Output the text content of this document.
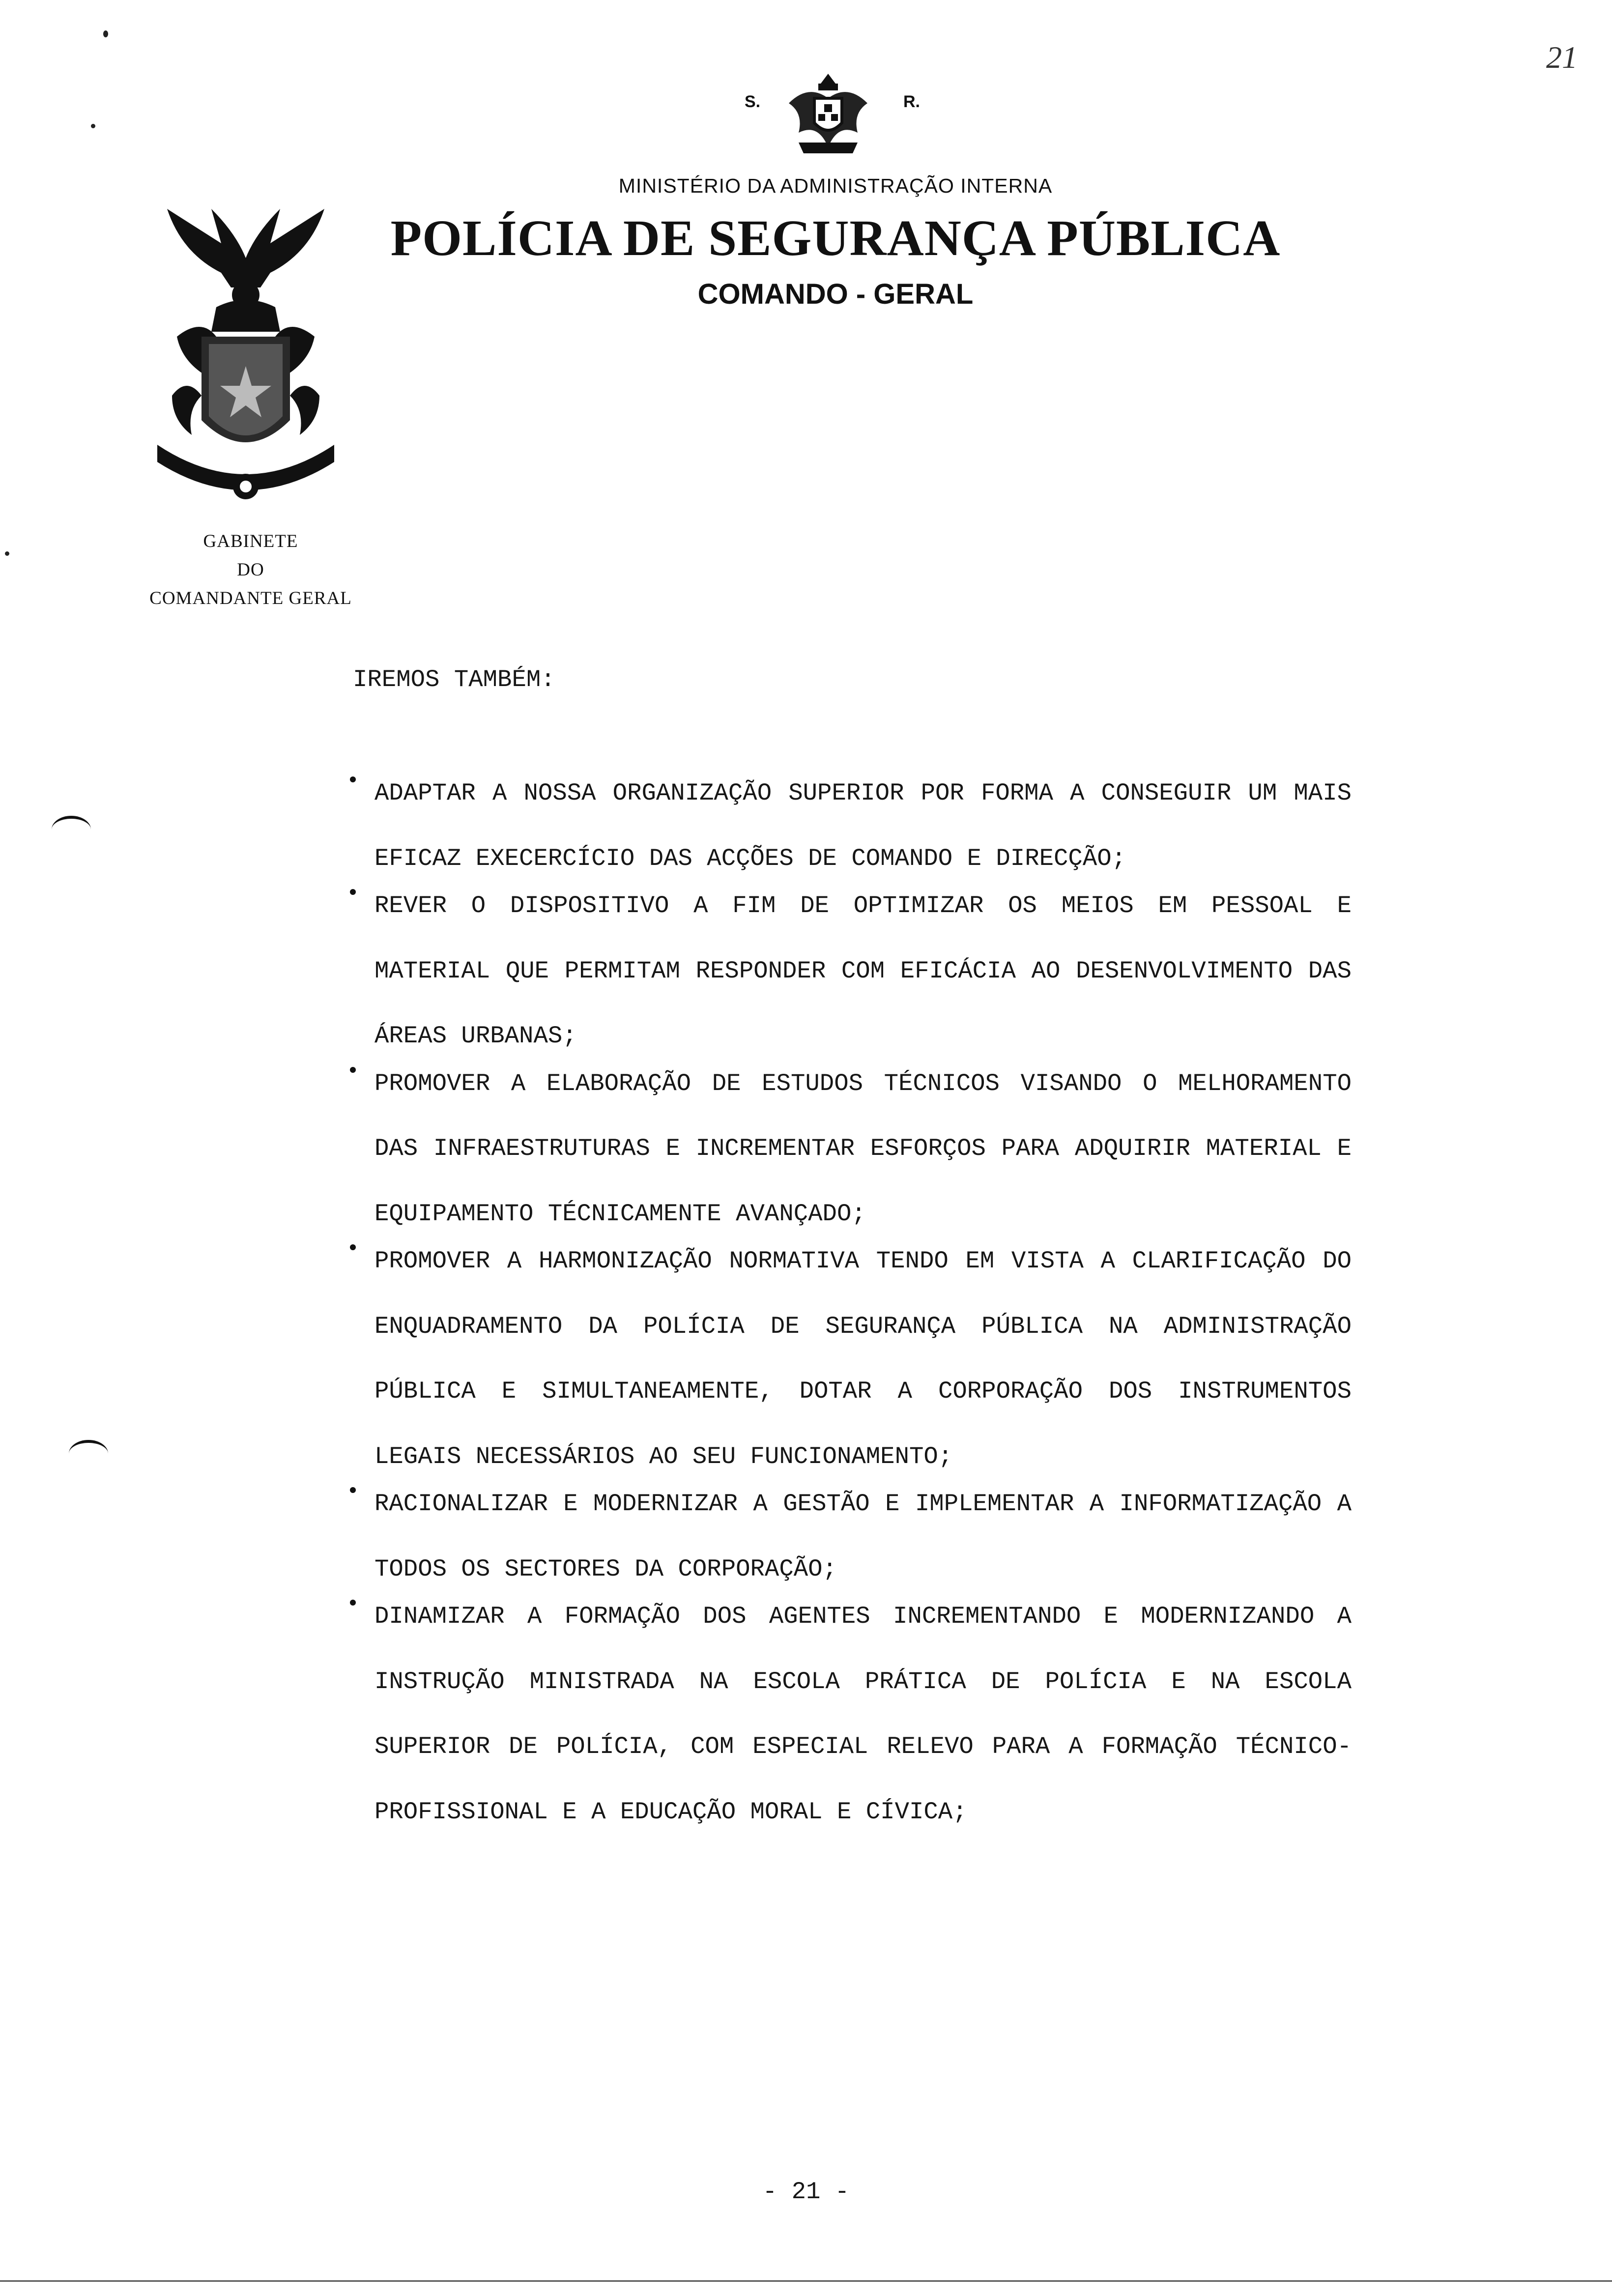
21
S.	R.
MINISTÉRIO DA ADMINISTRAÇÃO INTERNA
POLÍCIA DE SEGURANÇA PÚBLICA
COMANDO - GERAL
GABINETE
DO
COMANDANTE GERAL
IREMOS TAMBÉM:
ADAPTAR A NOSSA ORGANIZAÇÃO SUPERIOR POR FORMA A CONSEGUIR UM MAIS EFICAZ EXECERCÍCIO DAS ACÇÕES DE COMANDO E DIRECÇÃO;
REVER O DISPOSITIVO A FIM DE OPTIMIZAR OS MEIOS EM PESSOAL E MATERIAL QUE PERMITAM RESPONDER COM EFICÁCIA AO DESENVOLVIMENTO DAS ÁREAS URBANAS;
PROMOVER A ELABORAÇÃO DE ESTUDOS TÉCNICOS VISANDO O MELHORAMENTO DAS INFRAESTRUTURAS E INCREMENTAR ESFORÇOS PARA ADQUIRIR MATERIAL E EQUIPAMENTO TÉCNICAMENTE AVANÇADO;
PROMOVER A HARMONIZAÇÃO NORMATIVA TENDO EM VISTA A CLARIFICAÇÃO DO ENQUADRAMENTO DA POLÍCIA DE SEGURANÇA PÚBLICA NA ADMINISTRAÇÃO PÚBLICA E SIMULTANEAMENTE, DOTAR A CORPORAÇÃO DOS INSTRUMENTOS LEGAIS NECESSÁRIOS AO SEU FUNCIONAMENTO;
RACIONALIZAR E MODERNIZAR A GESTÃO E IMPLEMENTAR A INFORMATIZAÇÃO A TODOS OS SECTORES DA CORPORAÇÃO;
DINAMIZAR A FORMAÇÃO DOS AGENTES INCREMENTANDO E MODERNIZANDO A INSTRUÇÃO MINISTRADA NA ESCOLA PRÁTICA DE POLÍCIA E NA ESCOLA SUPERIOR DE POLÍCIA, COM ESPECIAL RELEVO PARA A FORMAÇÃO TÉCNICO-PROFISSIONAL E A EDUCAÇÃO MORAL E CÍVICA;
- 21 -
